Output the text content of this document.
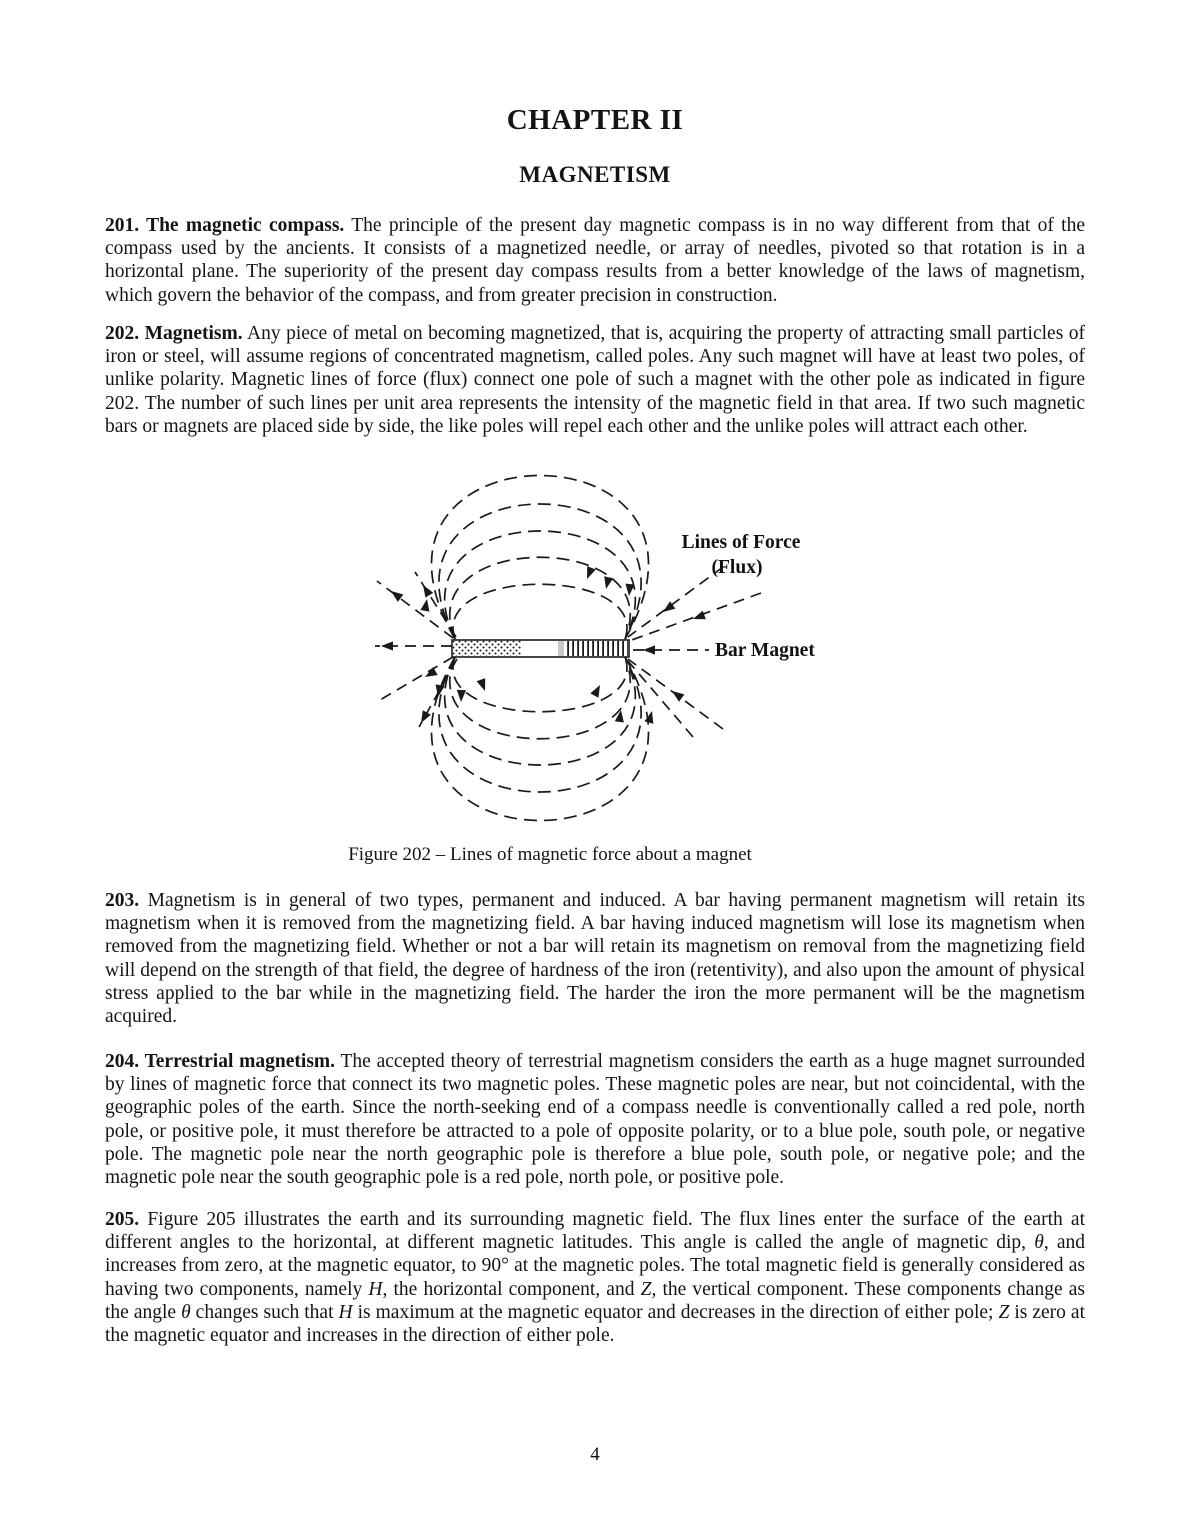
CHAPTER II
MAGNETISM

201. The magnetic compass. The principle of the present day magnetic compass is in no way different from that of the compass used by the ancients. It consists of a magnetized needle, or array of needles, pivoted so that rotation is in a horizontal plane. The superiority of the present day compass results from a better knowledge of the laws of magnetism, which govern the behavior of the compass, and from greater precision in construction.

202. Magnetism. Any piece of metal on becoming magnetized, that is, acquiring the property of attracting small particles of iron or steel, will assume regions of concentrated magnetism, called poles. Any such magnet will have at least two poles, of unlike polarity. Magnetic lines of force (flux) connect one pole of such a magnet with the other pole as indicated in figure 202. The number of such lines per unit area represents the intensity of the magnetic field in that area. If two such magnetic bars or magnets are placed side by side, the like poles will repel each other and the unlike poles will attract each other.

Lines of Force
(Flux)
Bar Magnet
Figure 202 – Lines of magnetic force about a magnet

203. Magnetism is in general of two types, permanent and induced. A bar having permanent magnetism will retain its magnetism when it is removed from the magnetizing field. A bar having induced magnetism will lose its magnetism when removed from the magnetizing field. Whether or not a bar will retain its magnetism on removal from the magnetizing field will depend on the strength of that field, the degree of hardness of the iron (retentivity), and also upon the amount of physical stress applied to the bar while in the magnetizing field. The harder the iron the more permanent will be the magnetism acquired.

204. Terrestrial magnetism. The accepted theory of terrestrial magnetism considers the earth as a huge magnet surrounded by lines of magnetic force that connect its two magnetic poles. These magnetic poles are near, but not coincidental, with the geographic poles of the earth. Since the north-seeking end of a compass needle is conventionally called a red pole, north pole, or positive pole, it must therefore be attracted to a pole of opposite polarity, or to a blue pole, south pole, or negative pole. The magnetic pole near the north geographic pole is therefore a blue pole, south pole, or negative pole; and the magnetic pole near the south geographic pole is a red pole, north pole, or positive pole.

205. Figure 205 illustrates the earth and its surrounding magnetic field. The flux lines enter the surface of the earth at different angles to the horizontal, at different magnetic latitudes. This angle is called the angle of magnetic dip, θ, and increases from zero, at the magnetic equator, to 90° at the magnetic poles. The total magnetic field is generally considered as having two components, namely H, the horizontal component, and Z, the vertical component. These components change as the angle θ changes such that H is maximum at the magnetic equator and decreases in the direction of either pole; Z is zero at the magnetic equator and increases in the direction of either pole.

4
